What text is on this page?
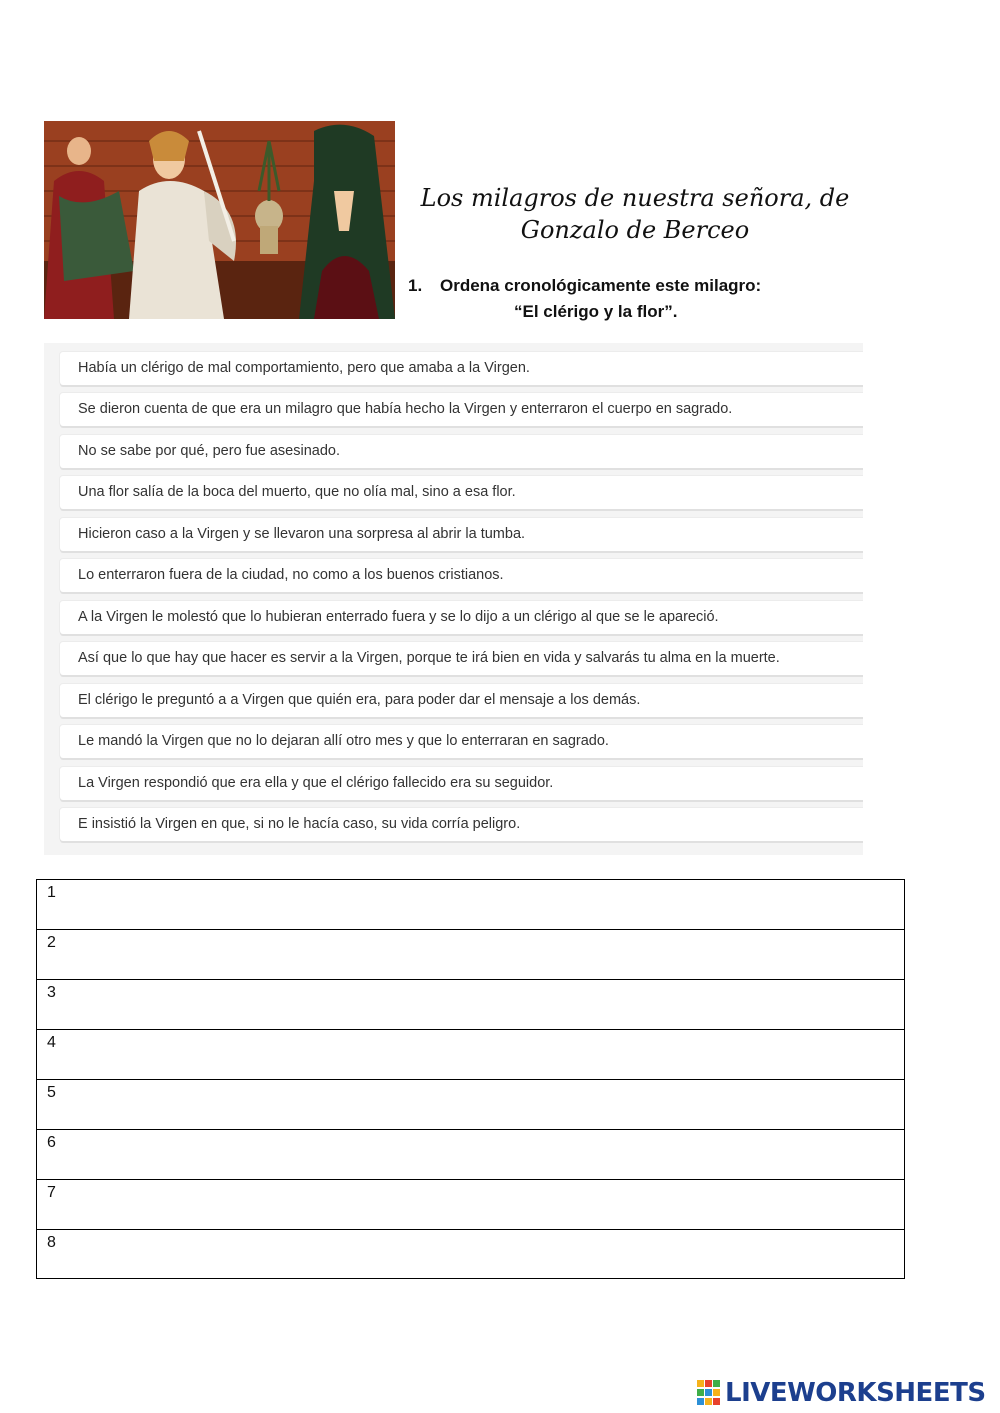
Los milagros de nuestra señora, de
Gonzalo de Berceo
1. Ordena cronológicamente este milagro:
“El clérigo y la flor”.
Había un clérigo de mal comportamiento, pero que amaba a la Virgen.
Se dieron cuenta de que era un milagro que había hecho la Virgen y enterraron el cuerpo en sagrado.
No se sabe por qué, pero fue asesinado.
Una flor salía de la boca del muerto, que no olía mal, sino a esa flor.
Hicieron caso a la Virgen y se llevaron una sorpresa al abrir la tumba.
Lo enterraron fuera de la ciudad, no como a los buenos cristianos.
A la Virgen le molestó que lo hubieran enterrado fuera y se lo dijo a un clérigo al que se le apareció.
Así que lo que hay que hacer es servir a la Virgen, porque te irá bien en vida y salvarás tu alma en la muerte.
El clérigo le preguntó a a Virgen que quién era, para poder dar el mensaje a los demás.
Le mandó la Virgen que no lo dejaran allí otro mes y que lo enterraran en sagrado.
La Virgen respondió que era ella y que el clérigo fallecido era su seguidor.
E insistió la Virgen en que, si no le hacía caso, su vida corría peligro.
1
2
3
4
5
6
7
8
LIVEWORKSHEETS
